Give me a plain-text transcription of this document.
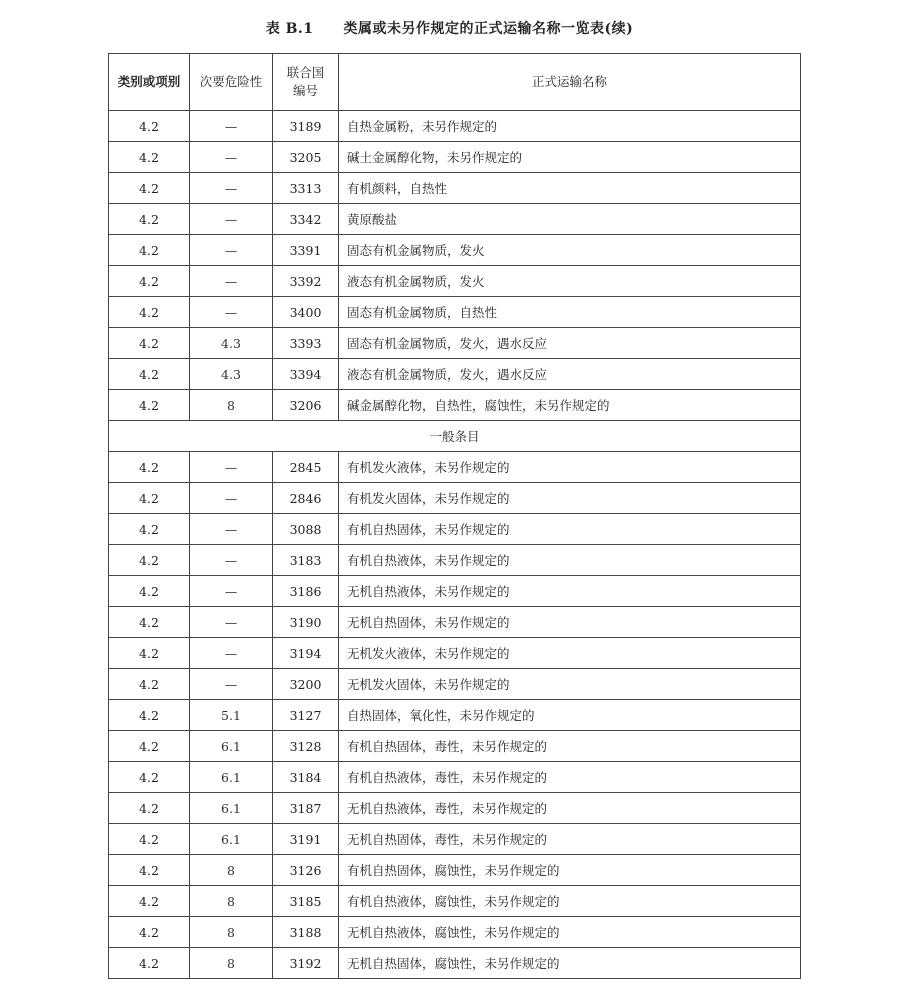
表 B.1 类属或未另作规定的正式运输名称一览表(续)
类别或项别	次要危险性	联合国编号	正式运输名称
4.2	—	3189	自热金属粉，未另作规定的
4.2	—	3205	碱土金属醇化物，未另作规定的
4.2	—	3313	有机颜料，自热性
4.2	—	3342	黄原酸盐
4.2	—	3391	固态有机金属物质，发火
4.2	—	3392	液态有机金属物质，发火
4.2	—	3400	固态有机金属物质，自热性
4.2	4.3	3393	固态有机金属物质，发火，遇水反应
4.2	4.3	3394	液态有机金属物质，发火，遇水反应
4.2	8	3206	碱金属醇化物，自热性，腐蚀性，未另作规定的
一般条目			
4.2	—	2845	有机发火液体，未另作规定的
4.2	—	2846	有机发火固体，未另作规定的
4.2	—	3088	有机自热固体，未另作规定的
4.2	—	3183	有机自热液体，未另作规定的
4.2	—	3186	无机自热液体，未另作规定的
4.2	—	3190	无机自热固体，未另作规定的
4.2	—	3194	无机发火液体，未另作规定的
4.2	—	3200	无机发火固体，未另作规定的
4.2	5.1	3127	自热固体，氧化性，未另作规定的
4.2	6.1	3128	有机自热固体，毒性，未另作规定的
4.2	6.1	3184	有机自热液体，毒性，未另作规定的
4.2	6.1	3187	无机自热液体，毒性，未另作规定的
4.2	6.1	3191	无机自热固体，毒性，未另作规定的
4.2	8	3126	有机自热固体，腐蚀性，未另作规定的
4.2	8	3185	有机自热液体，腐蚀性，未另作规定的
4.2	8	3188	无机自热液体，腐蚀性，未另作规定的
4.2	8	3192	无机自热固体，腐蚀性，未另作规定的
